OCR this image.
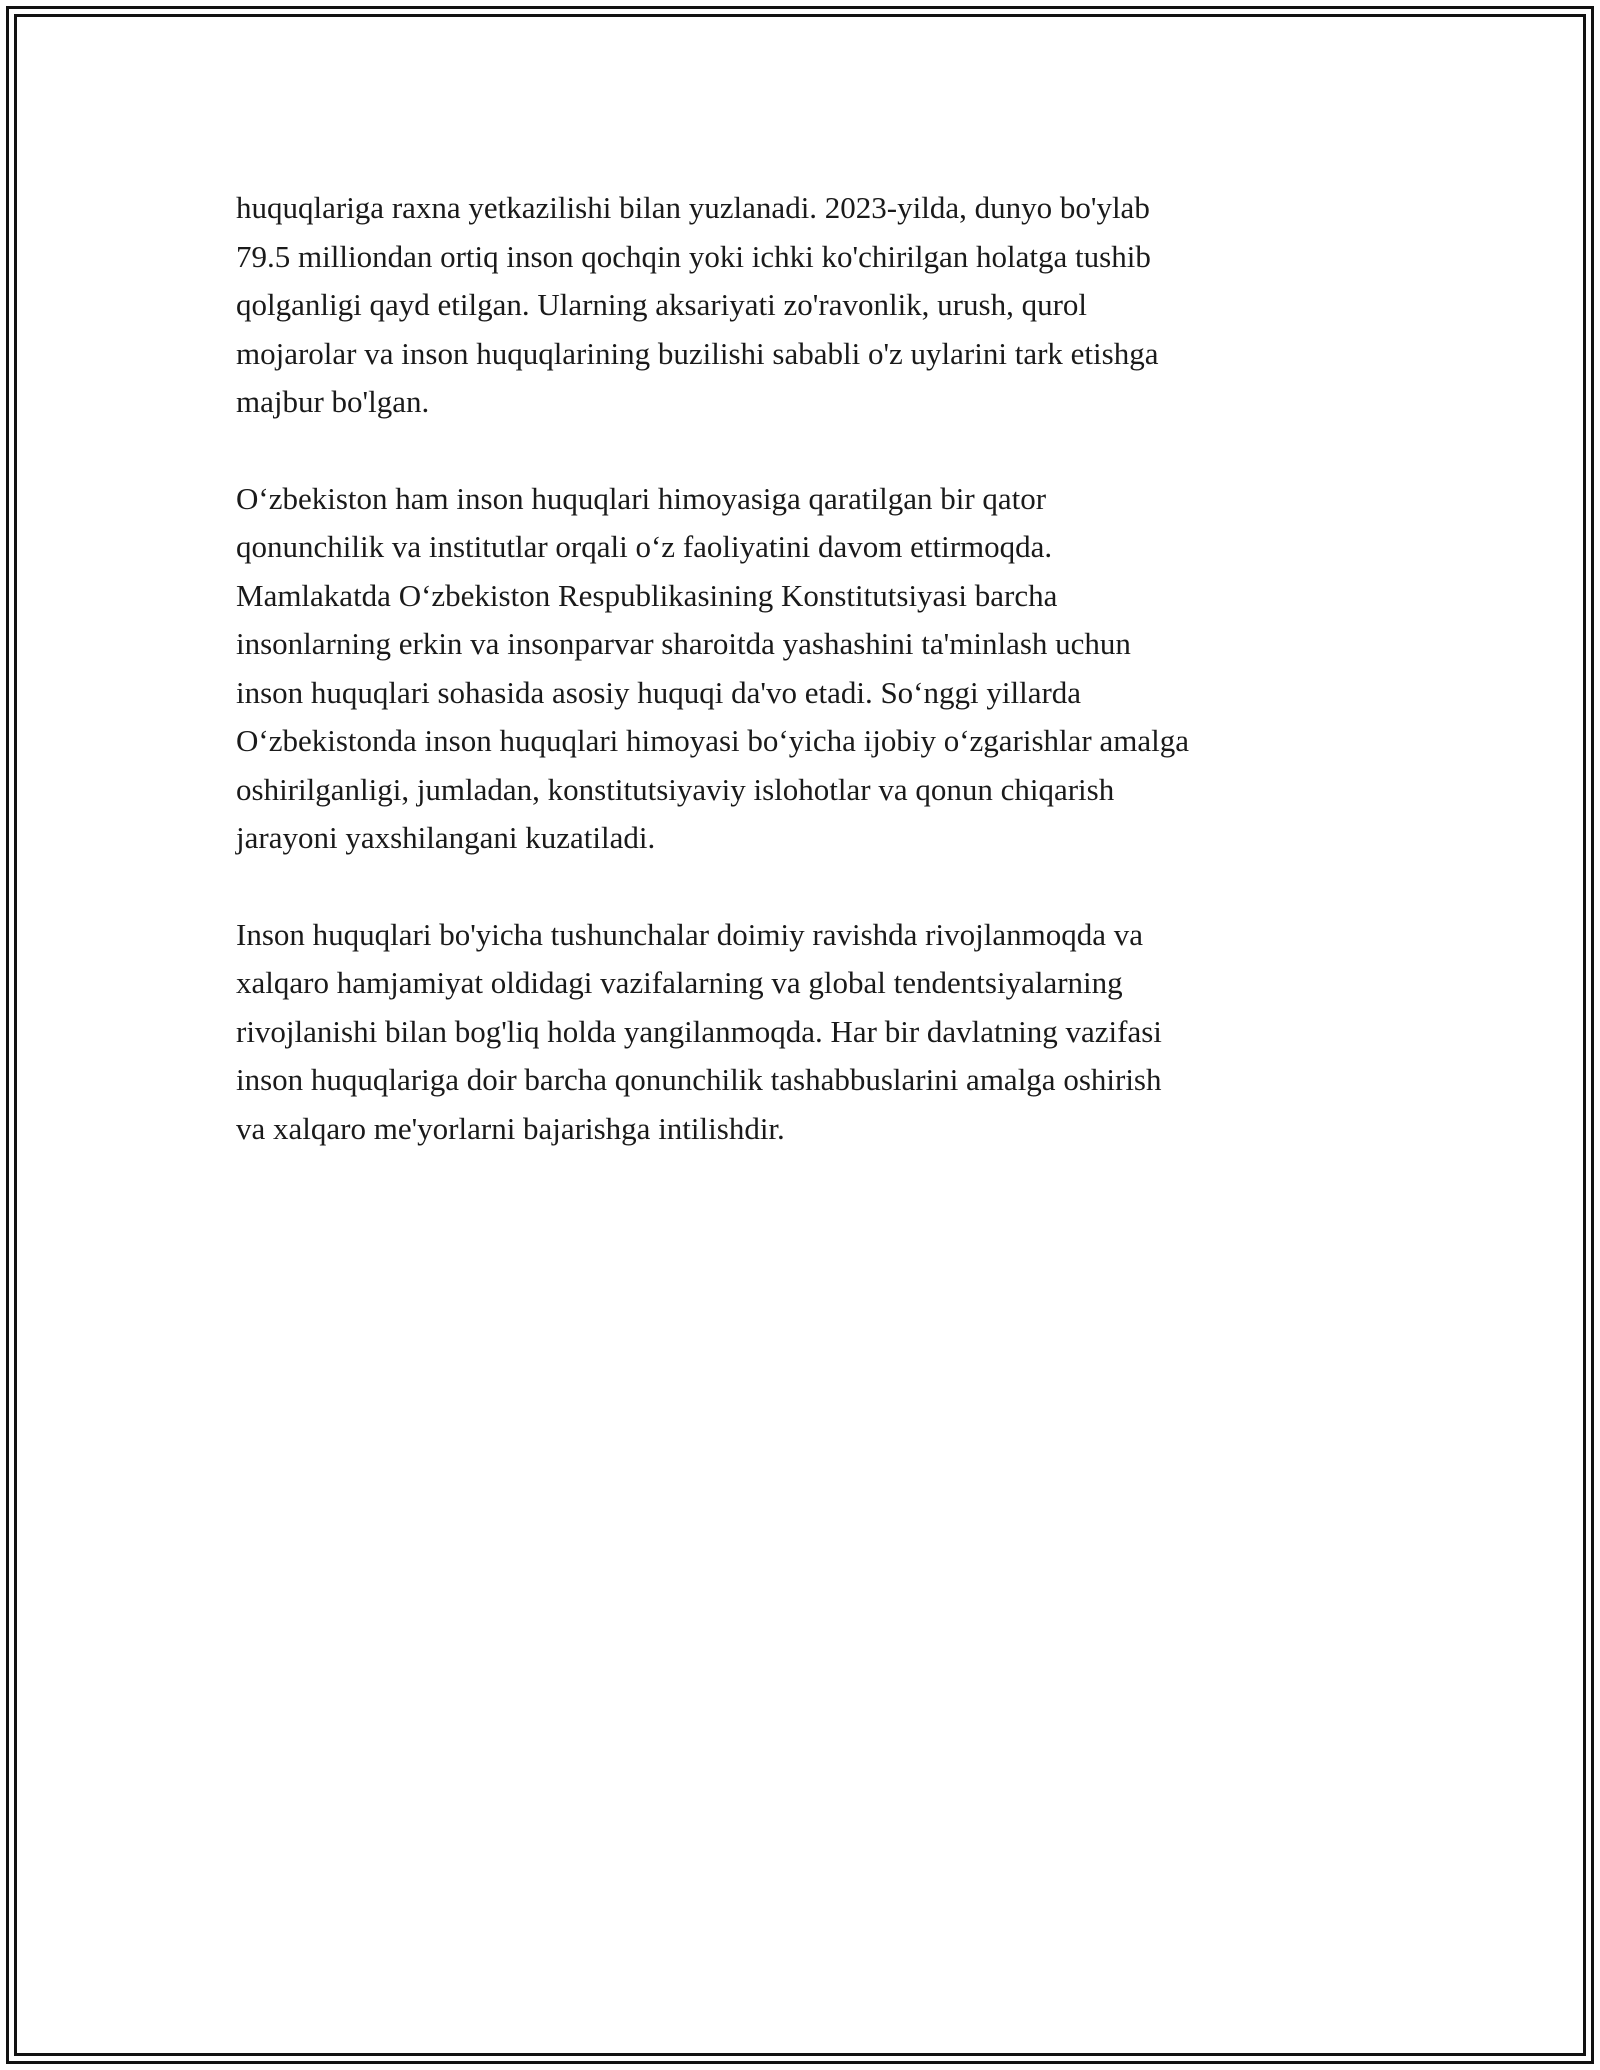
huquqlariga raxna yetkazilishi bilan yuzlanadi. 2023-yilda, dunyo bo'ylab
79.5 milliondan ortiq inson qochqin yoki ichki ko'chirilgan holatga tushib
qolganligi qayd etilgan. Ularning aksariyati zo'ravonlik, urush, qurol
mojarolar va inson huquqlarining buzilishi sababli o'z uylarini tark etishga
majbur bo'lgan.

O‘zbekiston ham inson huquqlari himoyasiga qaratilgan bir qator
qonunchilik va institutlar orqali o‘z faoliyatini davom ettirmoqda.
Mamlakatda O‘zbekiston Respublikasining Konstitutsiyasi barcha
insonlarning erkin va insonparvar sharoitda yashashini ta'minlash uchun
inson huquqlari sohasida asosiy huquqi da'vo etadi. So‘nggi yillarda
O‘zbekistonda inson huquqlari himoyasi bo‘yicha ijobiy o‘zgarishlar amalga
oshirilganligi, jumladan, konstitutsiyaviy islohotlar va qonun chiqarish
jarayoni yaxshilangani kuzatiladi.

Inson huquqlari bo'yicha tushunchalar doimiy ravishda rivojlanmoqda va
xalqaro hamjamiyat oldidagi vazifalarning va global tendentsiyalarning
rivojlanishi bilan bog'liq holda yangilanmoqda. Har bir davlatning vazifasi
inson huquqlariga doir barcha qonunchilik tashabbuslarini amalga oshirish
va xalqaro me'yorlarni bajarishga intilishdir.
